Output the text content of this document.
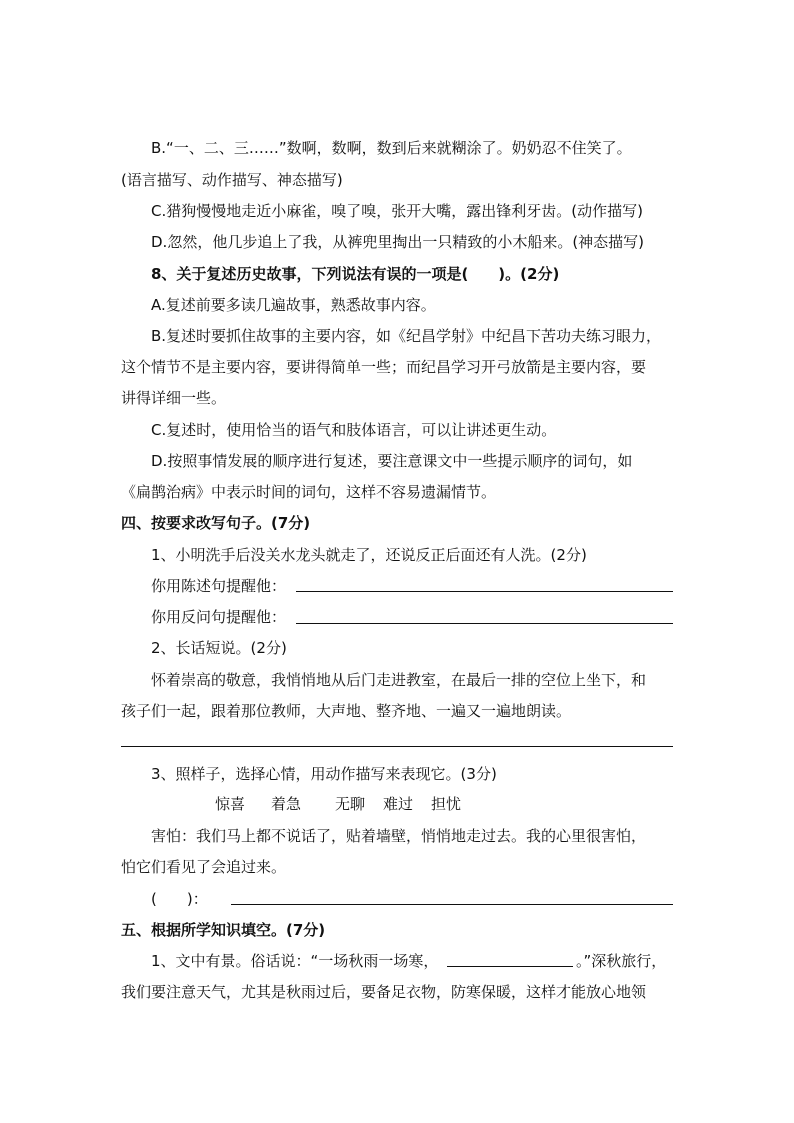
B.“一、二、三……”数啊，数啊，数到后来就糊涂了。奶奶忍不住笑了。
(语言描写、动作描写、神态描写)
C.猎狗慢慢地走近小麻雀，嗅了嗅，张开大嘴，露出锋利牙齿。(动作描写)
D.忽然，他几步追上了我，从裤兜里掏出一只精致的小木船来。(神态描写)
8、关于复述历史故事，下列说法有误的一项是(　　)。(2分)
A.复述前要多读几遍故事，熟悉故事内容。
B.复述时要抓住故事的主要内容，如《纪昌学射》中纪昌下苦功夫练习眼力，
这个情节不是主要内容，要讲得简单一些；而纪昌学习开弓放箭是主要内容，要
讲得详细一些。
C.复述时，使用恰当的语气和肢体语言，可以让讲述更生动。
D.按照事情发展的顺序进行复述，要注意课文中一些提示顺序的词句，如
《扁鹊治病》中表示时间的词句，这样不容易遗漏情节。
四、按要求改写句子。(7分)
1、小明洗手后没关水龙头就走了，还说反正后面还有人洗。(2分)
你用陈述句提醒他：
你用反问句提醒他：
2、长话短说。(2分)
怀着崇高的敬意，我悄悄地从后门走进教室，在最后一排的空位上坐下，和
孩子们一起，跟着那位教师，大声地、整齐地、一遍又一遍地朗读。
3、照样子，选择心情，用动作描写来表现它。(3分)
惊喜 着急 无聊 难过 担忧
害怕：我们马上都不说话了，贴着墙壁，悄悄地走过去。我的心里很害怕，
怕它们看见了会追过来。
(　　)：
五、根据所学知识填空。(7分)
1、文中有景。俗话说：“一场秋雨一场寒，	。”深秋旅行，
我们要注意天气，尤其是秋雨过后，要备足衣物，防寒保暖，这样才能放心地领
